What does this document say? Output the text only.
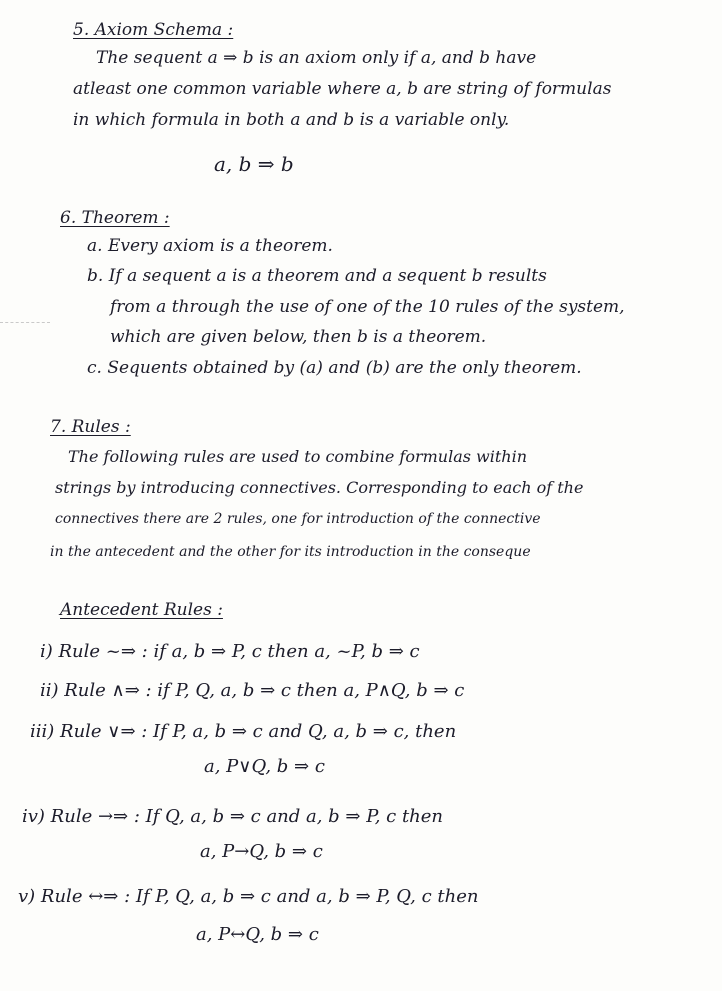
5. Axiom Schema :
The sequent a ⇒ b is an axiom only if a, and b have
atleast one common variable where a, b are string of formulas
in which formula in both a and b is a variable only.
a, b ⇒ b
6. Theorem :
a. Every axiom is a theorem.
b. If a sequent a is a theorem and a sequent b results
from a through the use of one of the 10 rules of the system,
which are given below, then b is a theorem.
c. Sequents obtained by (a) and (b) are the only theorem.
7. Rules :
The following rules are used to combine formulas within
strings by introducing connectives. Corresponding to each of the
connectives there are 2 rules, one for introduction of the connective
in the antecedent and the other for its introduction in the conseque
Antecedent Rules :
i) Rule ~⇒ : if a, b ⇒ P, c then a, ~P, b ⇒ c
ii) Rule ∧⇒ : if P, Q, a, b ⇒ c then a, P∧Q, b ⇒ c
iii) Rule ∨⇒ : If P, a, b ⇒ c and Q, a, b ⇒ c, then
a, P∨Q, b ⇒ c
iv) Rule →⇒ : If Q, a, b ⇒ c and a, b ⇒ P, c then
a, P→Q, b ⇒ c
v) Rule ↔⇒ : If P, Q, a, b ⇒ c and a, b ⇒ P, Q, c then
a, P↔Q, b ⇒ c
